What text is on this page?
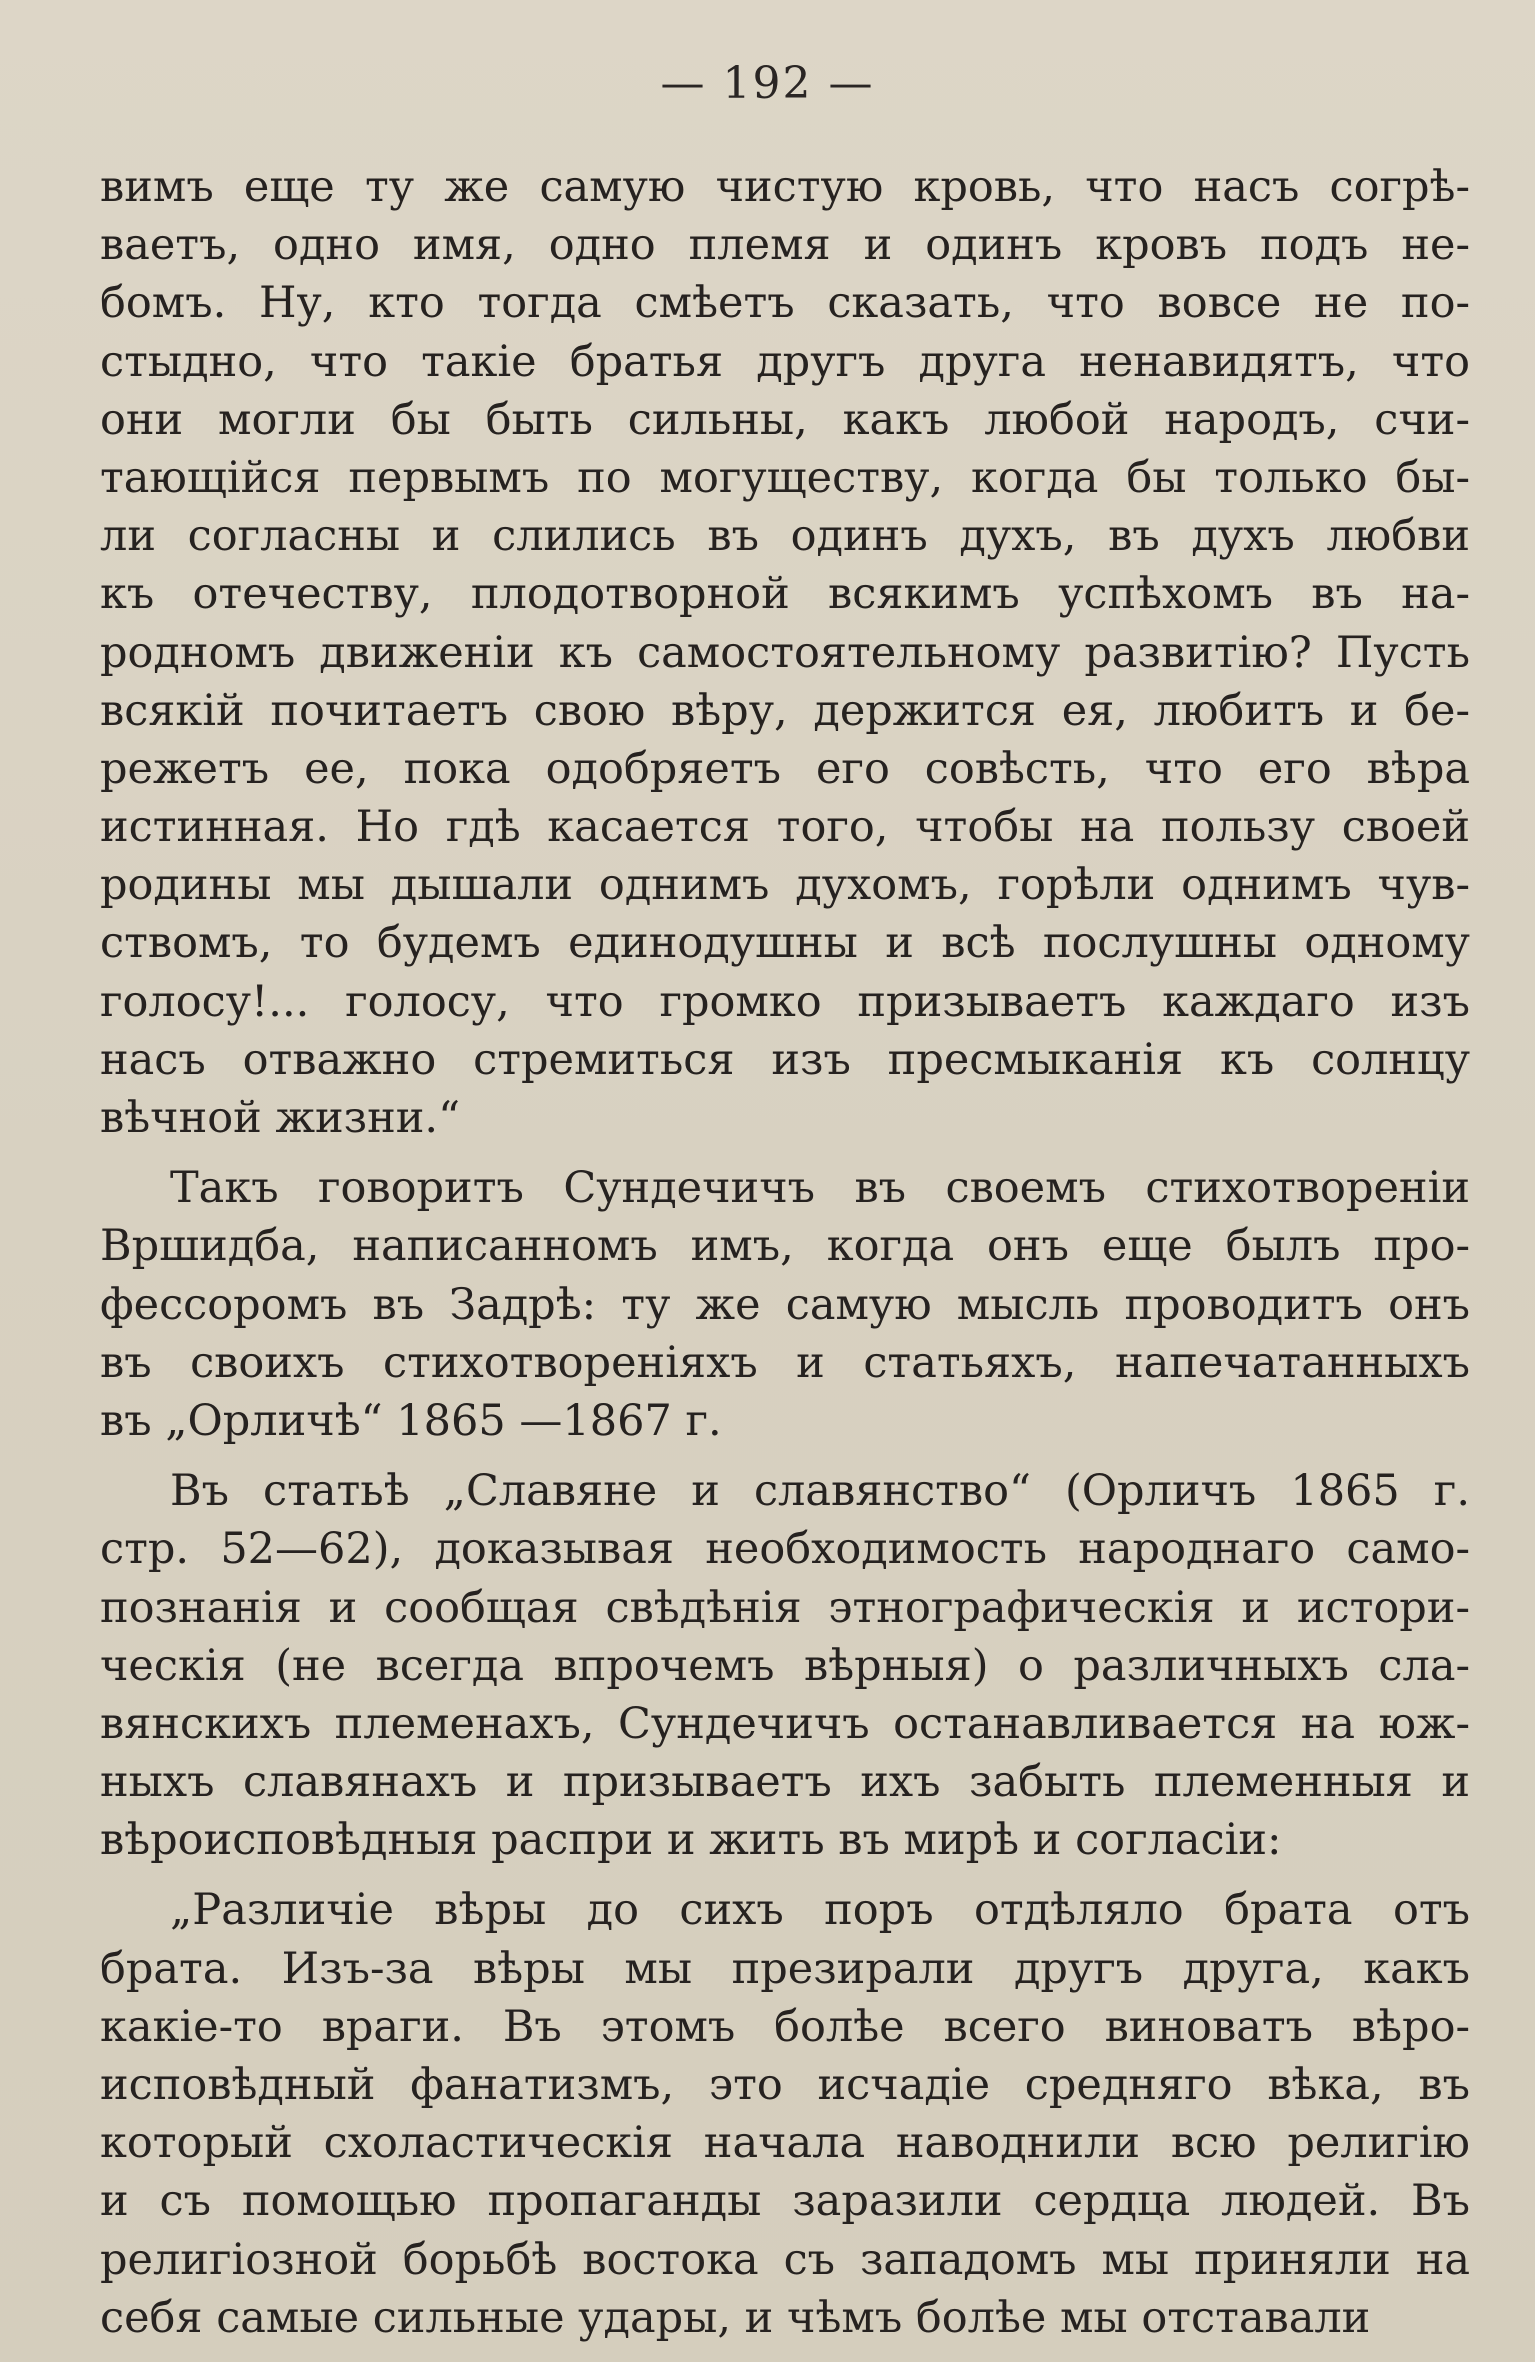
— 192 —
вимъ еще ту же самую чистую кровь, что насъ согрѣ-
ваетъ, одно имя, одно племя и одинъ кровъ подъ не-
бомъ. Ну, кто тогда смѣетъ сказать, что вовсе не по-
стыдно, что такіе братья другъ друга ненавидятъ, что
они могли бы быть сильны, какъ любой народъ, счи-
тающійся первымъ по могуществу, когда бы только бы-
ли согласны и слились въ одинъ духъ, въ духъ любви
къ отечеству, плодотворной всякимъ успѣхомъ въ на-
родномъ движеніи къ самостоятельному развитію? Пусть
всякій почитаетъ свою вѣру, держится ея, любитъ и бе-
режетъ ее, пока одобряетъ его совѣсть, что его вѣра
истинная. Но гдѣ касается того, чтобы на пользу своей
родины мы дышали однимъ духомъ, горѣли однимъ чув-
ствомъ, то будемъ единодушны и всѣ послушны одному
голосу!... голосу, что громко призываетъ каждаго изъ
насъ отважно стремиться изъ пресмыканія къ солнцу
вѣчной жизни.“
Такъ говоритъ Сундечичъ въ своемъ стихотвореніи
Вршидба, написанномъ имъ, когда онъ еще былъ про-
фессоромъ въ Задрѣ: ту же самую мысль проводитъ онъ
въ своихъ стихотвореніяхъ и статьяхъ, напечатанныхъ
въ „Орличѣ“ 1865 —1867 г.
Въ статьѣ „Славяне и славянство“ (Орличъ 1865 г.
стр. 52—62), доказывая необходимость народнаго само-
познанія и сообщая свѣдѣнія этнографическія и истори-
ческія (не всегда впрочемъ вѣрныя) о различныхъ сла-
вянскихъ племенахъ, Сундечичъ останавливается на юж-
ныхъ славянахъ и призываетъ ихъ забыть племенныя и
вѣроисповѣдныя распри и жить въ мирѣ и согласіи:
„Различіе вѣры до сихъ поръ отдѣляло брата отъ
брата. Изъ-за вѣры мы презирали другъ друга, какъ
какіе-то враги. Въ этомъ болѣе всего виноватъ вѣро-
исповѣдный фанатизмъ, это исчадіе средняго вѣка, въ
который схоластическія начала наводнили всю религію
и съ помощью пропаганды заразили сердца людей. Въ
религіозной борьбѣ востока съ западомъ мы приняли на
себя самые сильные удары, и чѣмъ болѣе мы отставали
